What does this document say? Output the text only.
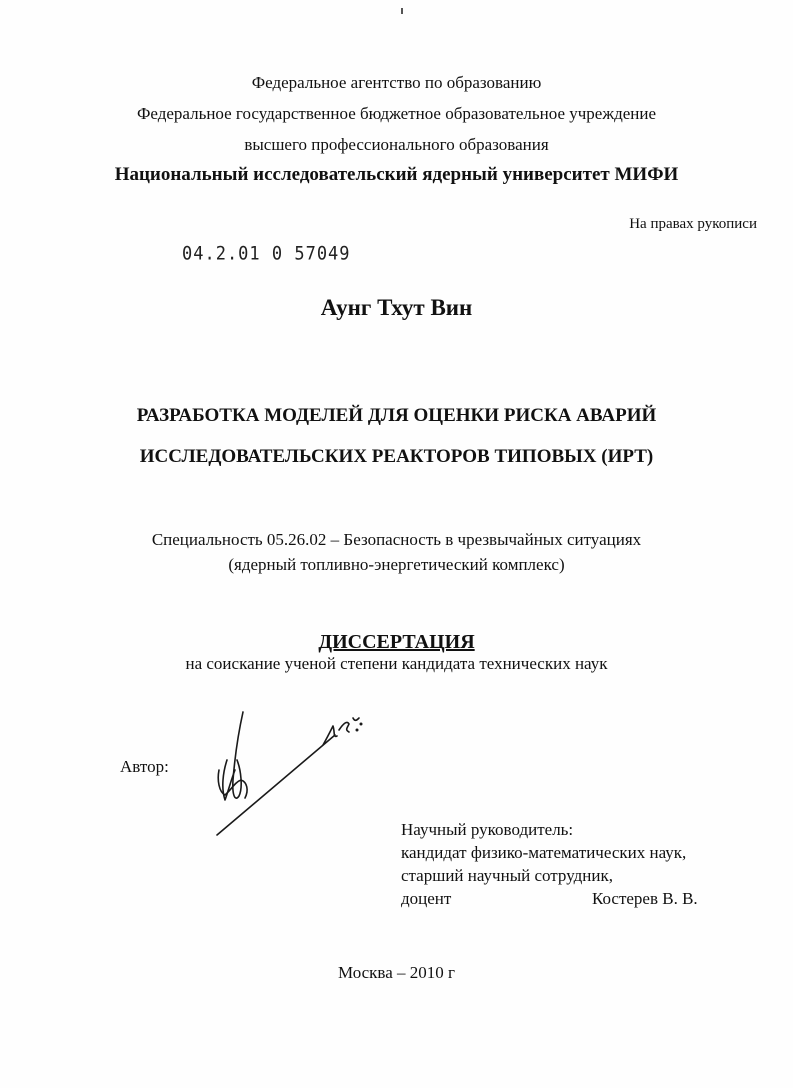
Федеральное агентство по образованию
Федеральное государственное бюджетное образовательное учреждение
высшего профессионального образования
Национальный исследовательский ядерный университет МИФИ
На правах рукописи
04.2.01 0 57049
Аунг Тхут Вин
РАЗРАБОТКА МОДЕЛЕЙ ДЛЯ ОЦЕНКИ РИСКА АВАРИЙ
ИССЛЕДОВАТЕЛЬСКИХ РЕАКТОРОВ ТИПОВЫХ (ИРТ)
Специальность 05.26.02 – Безопасность в чрезвычайных ситуациях
(ядерный топливно-энергетический комплекс)
ДИССЕРТАЦИЯ
на соискание ученой степени кандидата технических наук
Автор:
Научный руководитель:
кандидат физико-математических наук,
старший научный сотрудник,
доцент	Костерев В. В.
Москва – 2010 г
